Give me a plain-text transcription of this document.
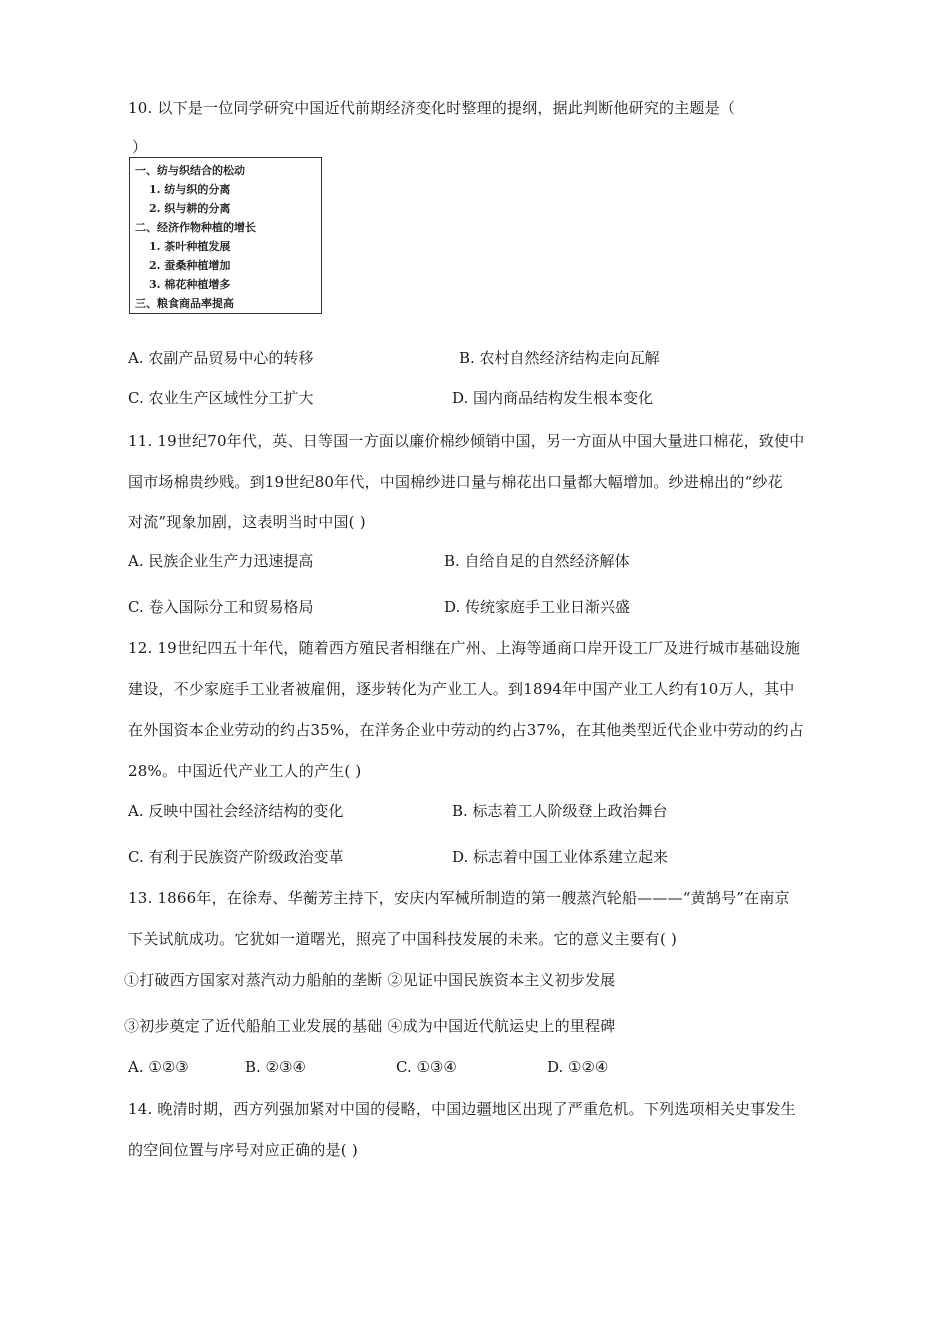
10. 以下是一位同学研究中国近代前期经济变化时整理的提纲，据此判断他研究的主题是（
）
一、纺与织结合的松动
1. 纺与织的分离
2. 织与耕的分离
二、经济作物种植的增长
1. 茶叶种植发展
2. 蚕桑种植增加
3. 棉花种植增多
三、粮食商品率提高
A. 农副产品贸易中心的转移	B. 农村自然经济结构走向瓦解
C. 农业生产区域性分工扩大	D. 国内商品结构发生根本变化
11. 19世纪70年代，英、日等国一方面以廉价棉纱倾销中国，另一方面从中国大量进口棉花，致使中
国市场棉贵纱贱。到19世纪80年代，中国棉纱进口量与棉花出口量都大幅增加。纱进棉出的“纱花
对流”现象加剧，这表明当时中国( )
A. 民族企业生产力迅速提高	B. 自给自足的自然经济解体
C. 卷入国际分工和贸易格局	D. 传统家庭手工业日渐兴盛
12. 19世纪四五十年代，随着西方殖民者相继在广州、上海等通商口岸开设工厂及进行城市基础设施
建设，不少家庭手工业者被雇佣，逐步转化为产业工人。到1894年中国产业工人约有10万人，其中
在外国资本企业劳动的约占35%，在洋务企业中劳动的约占37%，在其他类型近代企业中劳动的约占
28%。中国近代产业工人的产生( )
A. 反映中国社会经济结构的变化	B. 标志着工人阶级登上政治舞台
C. 有利于民族资产阶级政治变革	D. 标志着中国工业体系建立起来
13. 1866年，在徐寿、华蘅芳主持下，安庆内军械所制造的第一艘蒸汽轮船———“黄鹄号”在南京
下关试航成功。它犹如一道曙光，照亮了中国科技发展的未来。它的意义主要有( )
①打破西方国家对蒸汽动力船舶的垄断 ②见证中国民族资本主义初步发展
③初步奠定了近代船舶工业发展的基础 ④成为中国近代航运史上的里程碑
A. ①②③	B. ②③④	C. ①③④	D. ①②④
14. 晚清时期，西方列强加紧对中国的侵略，中国边疆地区出现了严重危机。下列选项相关史事发生
的空间位置与序号对应正确的是( )
